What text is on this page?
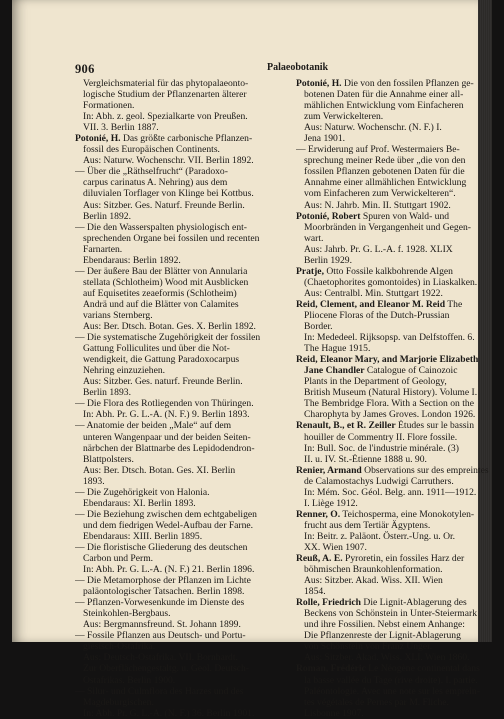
906	Palaeobotanik
Vergleichsmaterial für das phytopalaeonto-
logische Studium der Pflanzenarten älterer
Formationen.
In: Abh. z. geol. Spezialkarte von Preußen.
VII. 3. Berlin 1887.
Potonié, H. Das größte carbonische Pflanzen-
fossil des Europäischen Continents.
Aus: Naturw. Wochenschr. VII. Berlin 1892.
— Über die „Räthselfrucht“ (Paradoxo-
carpus carinatus A. Nehring) aus dem
diluvialen Torflager von Klinge bei Kottbus.
Aus: Sitzber. Ges. Naturf. Freunde Berlin.
Berlin 1892.
— Die den Wasserspalten physiologisch ent-
sprechenden Organe bei fossilen und recenten
Farnarten.
Ebendaraus: Berlin 1892.
— Der äußere Bau der Blätter von Annularia
stellata (Schlotheim) Wood mit Ausblicken
auf Equisetites zeaeformis (Schlotheim)
Andrä und auf die Blätter von Calamites
varians Sternberg.
Aus: Ber. Dtsch. Botan. Ges. X. Berlin 1892.
— Die systematische Zugehörigkeit der fossilen
Gattung Folliculites und über die Not-
wendigkeit, die Gattung Paradoxocarpus
Nehring einzuziehen.
Aus: Sitzber. Ges. naturf. Freunde Berlin.
Berlin 1893.
— Die Flora des Rotliegenden von Thüringen.
In: Abh. Pr. G. L.-A. (N. F.) 9. Berlin 1893.
— Anatomie der beiden „Male“ auf dem
unteren Wangenpaar und der beiden Seiten-
närbchen der Blattnarbe des Lepidodendron-
Blattpolsters.
Aus: Ber. Dtsch. Botan. Ges. XI. Berlin
1893.
— Die Zugehörigkeit von Halonia.
Ebendaraus: XI. Berlin 1893.
— Die Beziehung zwischen dem echtgabeligen
und dem fiedrigen Wedel-Aufbau der Farne.
Ebendaraus: XIII. Berlin 1895.
— Die floristische Gliederung des deutschen
Carbon und Perm.
In: Abh. Pr. G. L.-A. (N. F.) 21. Berlin 1896.
— Die Metamorphose der Pflanzen im Lichte
paläontologischer Tatsachen. Berlin 1898.
— Pflanzen-Vorwesenkunde im Dienste des
Steinkohlen-Bergbaus.
Aus: Bergmannsfreund. St. Johann 1899.
— Fossile Pflanzen aus Deutsch- und Portu-
giesisch-Ostafrika.
Aus: Deutsch-Ostafrika. VII. Bornhardt.
Zur Oberflächengestaltg. u. Geol. Deutsch-
Ostafrikas. Berlin 1900.
— Silur- und Culmflora des Harzes und des
Magdeburgischen.
In: Abh. Pr. G. L.-A. (N. F.) 36. Berlin 1901.
Potonié, H. Die von den fossilen Pflanzen ge-
botenen Daten für die Annahme einer all-
mählichen Entwicklung vom Einfacheren
zum Verwickelteren.
Aus: Naturw. Wochenschr. (N. F.) I.
Jena 1901.
— Erwiderung auf Prof. Westermaiers Be-
sprechung meiner Rede über „die von den
fossilen Pflanzen gebotenen Daten für die
Annahme einer allmählichen Entwicklung
vom Einfacheren zum Verwickelteren“.
Aus: N. Jahrb. Min. II. Stuttgart 1902.
Potonié, Robert Spuren von Wald- und
Moorbränden in Vergangenheit und Gegen-
wart.
Aus: Jahrb. Pr. G. L.-A. f. 1928. XLIX
Berlin 1929.
Pratje, Otto Fossile kalkbohrende Algen
(Chaetophorites gomontoides) in Liaskalken.
Aus: Centralbl. Min. Stuttgart 1922.
Reid, Clement, and Eleanor M. Reid The
Pliocene Floras of the Dutch-Prussian
Border.
In: Mededeel. Rijksopsp. van Delfstoffen. 6.
The Hague 1915.
Reid, Eleanor Mary, and Marjorie Elizabeth
Jane Chandler Catalogue of Cainozoic
Plants in the Department of Geology,
British Museum (Natural History). Volume I.
The Bembridge Flora. With a Section on the
Charophyta by James Groves. London 1926.
Renault, B., et R. Zeiller Études sur le bassin
houiller de Commentry II. Flore fossile.
In: Bull. Soc. de l'industrie minérale. (3)
II. u. IV. St.-Étienne 1888 u. 90.
Renier, Armand Observations sur des empreintes
de Calamostachys Ludwigi Carruthers.
In: Mém. Soc. Géol. Belg. ann. 1911—1912.
I. Liège 1912.
Renner, O. Teichosperma, eine Monokotylen-
frucht aus dem Tertiär Ägyptens.
In: Beitr. z. Paläont. Österr.-Ung. u. Or.
XX. Wien 1907.
Reuß, A. E. Pyroretin, ein fossiles Harz der
böhmischen Braunkohlenformation.
Aus: Sitzber. Akad. Wiss. XII. Wien
1854.
Rolle, Friedrich Die Lignit-Ablagerung des
Beckens von Schönstein in Unter-Steiermark
und ihre Fossilien. Nebst einem Anhange:
Die Pflanzenreste der Lignit-Ablagerung
von Schönstein von Franz Unger.
Aus: Sitzber. Akad. Wiss. XLI. Wien 1860.
Roman, Frédéric Le Néogène continental dans
la basse vallée du Tage (rive droite). I. partie.
Paléontologie. Avec une note sur les emprein-
tes végétales de Pernes par M. Fliche.
Lisbonne 1907.
